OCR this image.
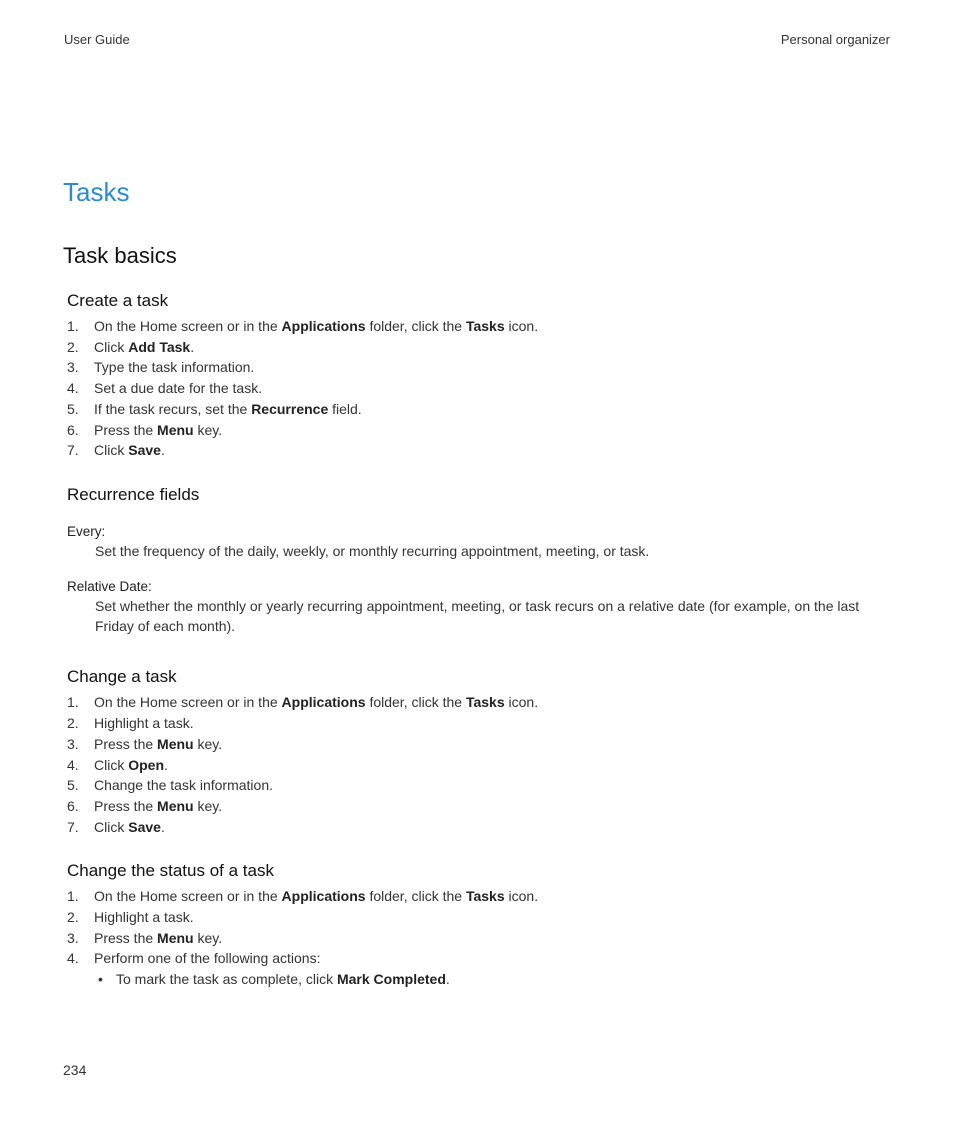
User Guide	Personal organizer
Tasks
Task basics
Create a task
1. On the Home screen or in the Applications folder, click the Tasks icon.
2. Click Add Task.
3. Type the task information.
4. Set a due date for the task.
5. If the task recurs, set the Recurrence field.
6. Press the Menu key.
7. Click Save.
Recurrence fields
Every:

Set the frequency of the daily, weekly, or monthly recurring appointment, meeting, or task.

Relative Date:

Set whether the monthly or yearly recurring appointment, meeting, or task recurs on a relative date (for example, on the last Friday of each month).

Change a task
1. On the Home screen or in the Applications folder, click the Tasks icon.
2. Highlight a task.
3. Press the Menu key.
4. Click Open.
5. Change the task information.
6. Press the Menu key.
7. Click Save.
Change the status of a task
1. On the Home screen or in the Applications folder, click the Tasks icon.
2. Highlight a task.
3. Press the Menu key.
4. Perform one of the following actions:
• To mark the task as complete, click Mark Completed.
234
